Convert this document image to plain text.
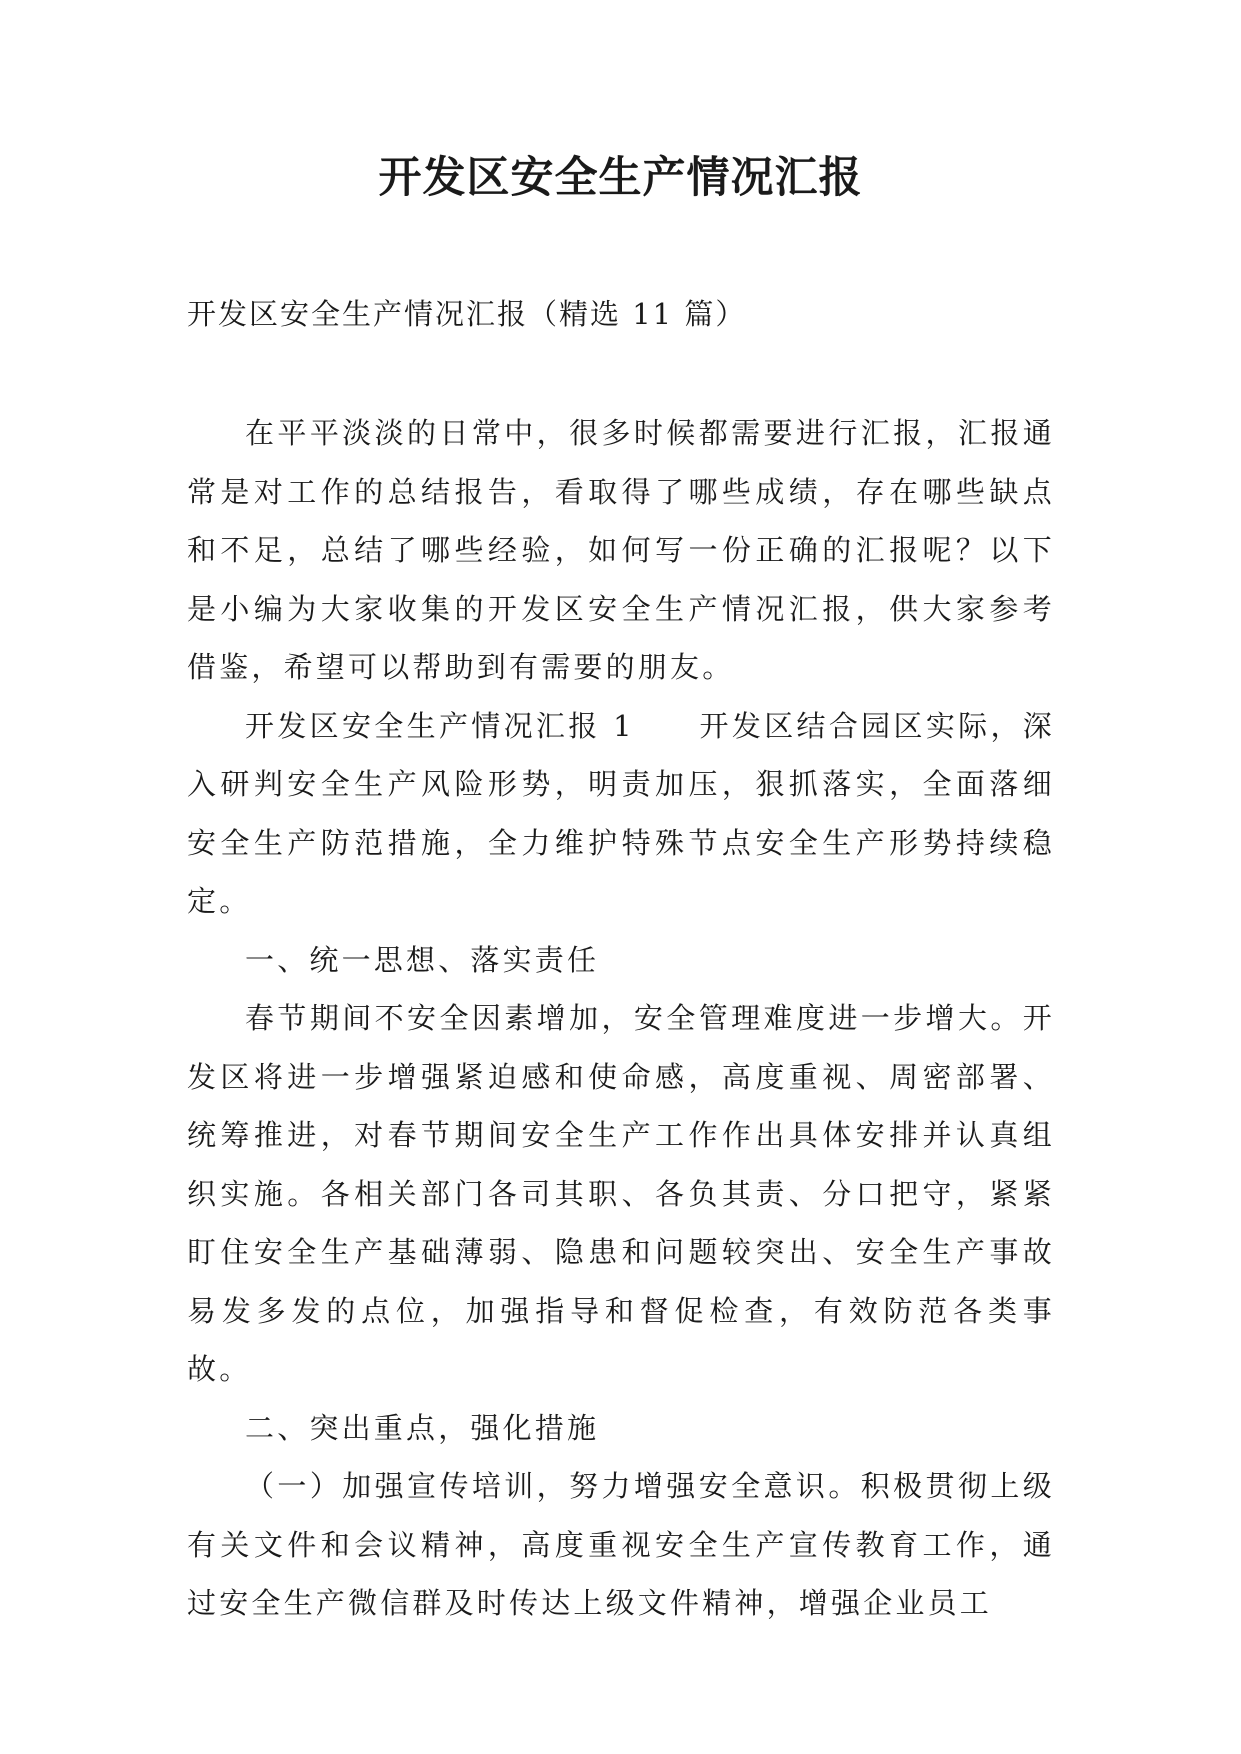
开发区安全生产情况汇报

开发区安全生产情况汇报（精选 11 篇）

在平平淡淡的日常中，很多时候都需要进行汇报，汇报通常是对工作的总结报告，看取得了哪些成绩，存在哪些缺点和不足，总结了哪些经验，如何写一份正确的汇报呢？以下是小编为大家收集的开发区安全生产情况汇报，供大家参考借鉴，希望可以帮助到有需要的朋友。

开发区安全生产情况汇报 1　　开发区结合园区实际，深入研判安全生产风险形势，明责加压，狠抓落实，全面落细安全生产防范措施，全力维护特殊节点安全生产形势持续稳定。

一、统一思想、落实责任

春节期间不安全因素增加，安全管理难度进一步增大。开发区将进一步增强紧迫感和使命感，高度重视、周密部署、统筹推进，对春节期间安全生产工作作出具体安排并认真组织实施。各相关部门各司其职、各负其责、分口把守，紧紧盯住安全生产基础薄弱、隐患和问题较突出、安全生产事故易发多发的点位，加强指导和督促检查，有效防范各类事故。

二、突出重点，强化措施

（一）加强宣传培训，努力增强安全意识。积极贯彻上级有关文件和会议精神，高度重视安全生产宣传教育工作，通过安全生产微信群及时传达上级文件精神，增强企业员工
